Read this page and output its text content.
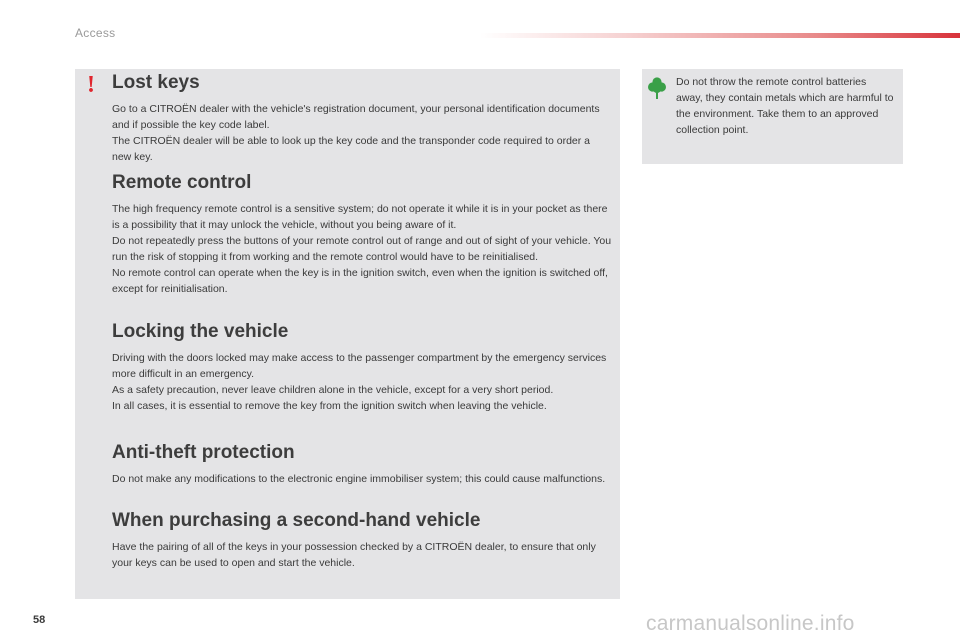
Access
! Lost keys

Go to a CITROËN dealer with the vehicle's registration document, your personal identification documents and if possible the key code label.
The CITROËN dealer will be able to look up the key code and the transponder code required to order a new key.

Remote control

The high frequency remote control is a sensitive system; do not operate it while it is in your pocket as there is a possibility that it may unlock the vehicle, without you being aware of it.
Do not repeatedly press the buttons of your remote control out of range and out of sight of your vehicle. You run the risk of stopping it from working and the remote control would have to be reinitialised.
No remote control can operate when the key is in the ignition switch, even when the ignition is switched off, except for reinitialisation.

Locking the vehicle

Driving with the doors locked may make access to the passenger compartment by the emergency services more difficult in an emergency.
As a safety precaution, never leave children alone in the vehicle, except for a very short period.
In all cases, it is essential to remove the key from the ignition switch when leaving the vehicle.

Anti-theft protection

Do not make any modifications to the electronic engine immobiliser system; this could cause malfunctions.

When purchasing a second-hand vehicle

Have the pairing of all of the keys in your possession checked by a CITROËN dealer, to ensure that only your keys can be used to open and start the vehicle.

Do not throw the remote control batteries away, they contain metals which are harmful to the environment. Take them to an approved collection point.

58	carmanualsonline.info
